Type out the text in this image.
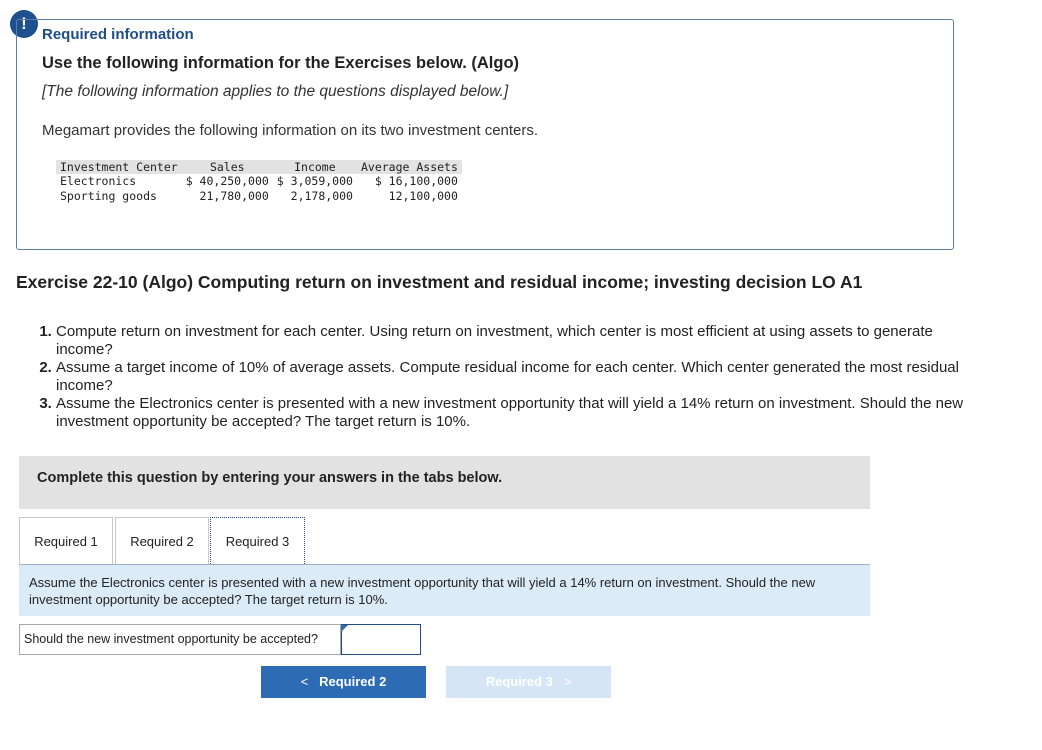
!
Required information
Use the following information for the Exercises below. (Algo)
[The following information applies to the questions displayed below.]
Megamart provides the following information on its two investment centers.
Investment Center	Sales	Income	Average Assets
Electronics	$ 40,250,000	$ 3,059,000	$ 16,100,000
Sporting goods	21,780,000	2,178,000	12,100,000
Exercise 22-10 (Algo) Computing return on investment and residual income; investing decision LO A1
1. Compute return on investment for each center. Using return on investment, which center is most efficient at using assets to generate income?
2. Assume a target income of 10% of average assets. Compute residual income for each center. Which center generated the most residual income?
3. Assume the Electronics center is presented with a new investment opportunity that will yield a 14% return on investment. Should the new investment opportunity be accepted? The target return is 10%.
Complete this question by entering your answers in the tabs below.
Required 1	Required 2	Required 3
Assume the Electronics center is presented with a new investment opportunity that will yield a 14% return on investment. Should the new investment opportunity be accepted? The target return is 10%.
Should the new investment opportunity be accepted?
< Required 2	Required 3 >
